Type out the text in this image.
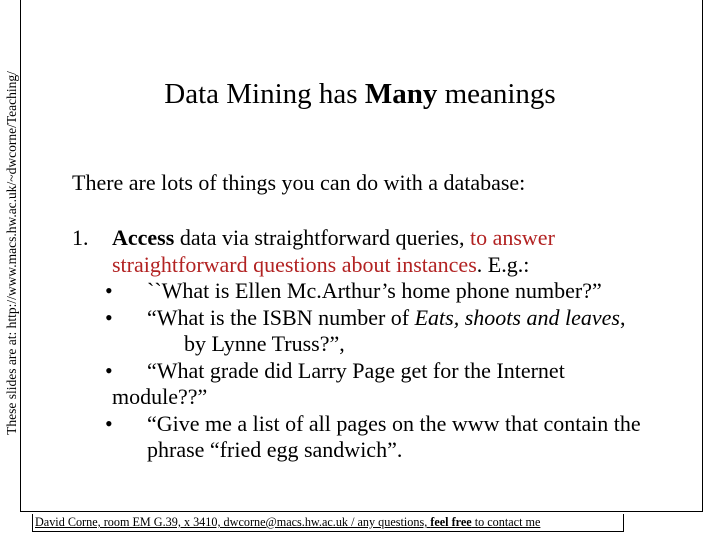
These slides are at: http://www.macs.hw.ac.uk/~dwcorne/Teaching/	Data Mining has Many meanings
There are lots of things you can do with a database:
1. Access data via straightforward queries, to answer
straightforward questions about instances. E.g.:
• ``What is Ellen Mc.Arthur’s home phone number?”
• “What is the ISBN number of Eats, shoots and leaves,
by Lynne Truss?”,
• “What grade did Larry Page get for the Internet
module??”
• “Give me a list of all pages on the www that contain the
phrase “fried egg sandwich”.
David Corne, room EM G.39, x 3410, dwcorne@macs.hw.ac.uk / any questions, feel free to contact me
